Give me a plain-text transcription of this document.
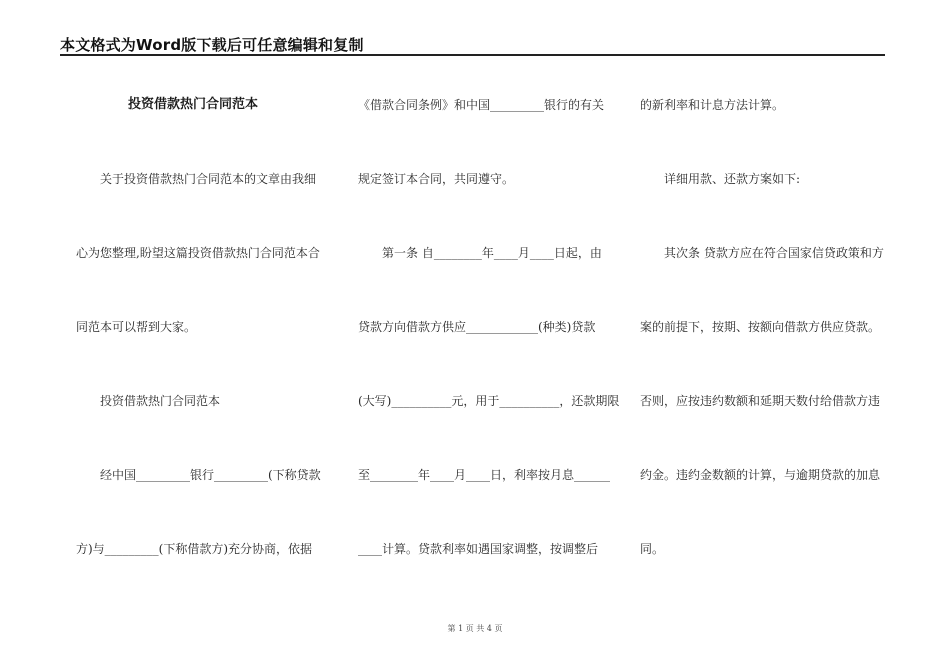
本文格式为Word版下载后可任意编辑和复制
　　　　投资借款热门合同范本
　　关于投资借款热门合同范本的文章由我细
心为您整理,盼望这篇投资借款热门合同范本合
同范本可以帮到大家。
　　投资借款热门合同范本
　　经中国_________银行_________(下称贷款
方)与_________(下称借款方)充分协商，依据
《借款合同条例》和中国_________银行的有关
规定签订本合同，共同遵守。
　　第一条 自________年____月____日起，由
贷款方向借款方供应____________(种类)贷款
(大写)__________元，用于__________，还款期限
至________年____月____日，利率按月息______
____计算。贷款利率如遇国家调整，按调整后
的新利率和计息方法计算。
　　详细用款、还款方案如下:
　　其次条 贷款方应在符合国家信贷政策和方
案的前提下，按期、按额向借款方供应贷款。
否则，应按违约数额和延期天数付给借款方违
约金。违约金数额的计算，与逾期贷款的加息
同。
第 1 页 共 4 页
